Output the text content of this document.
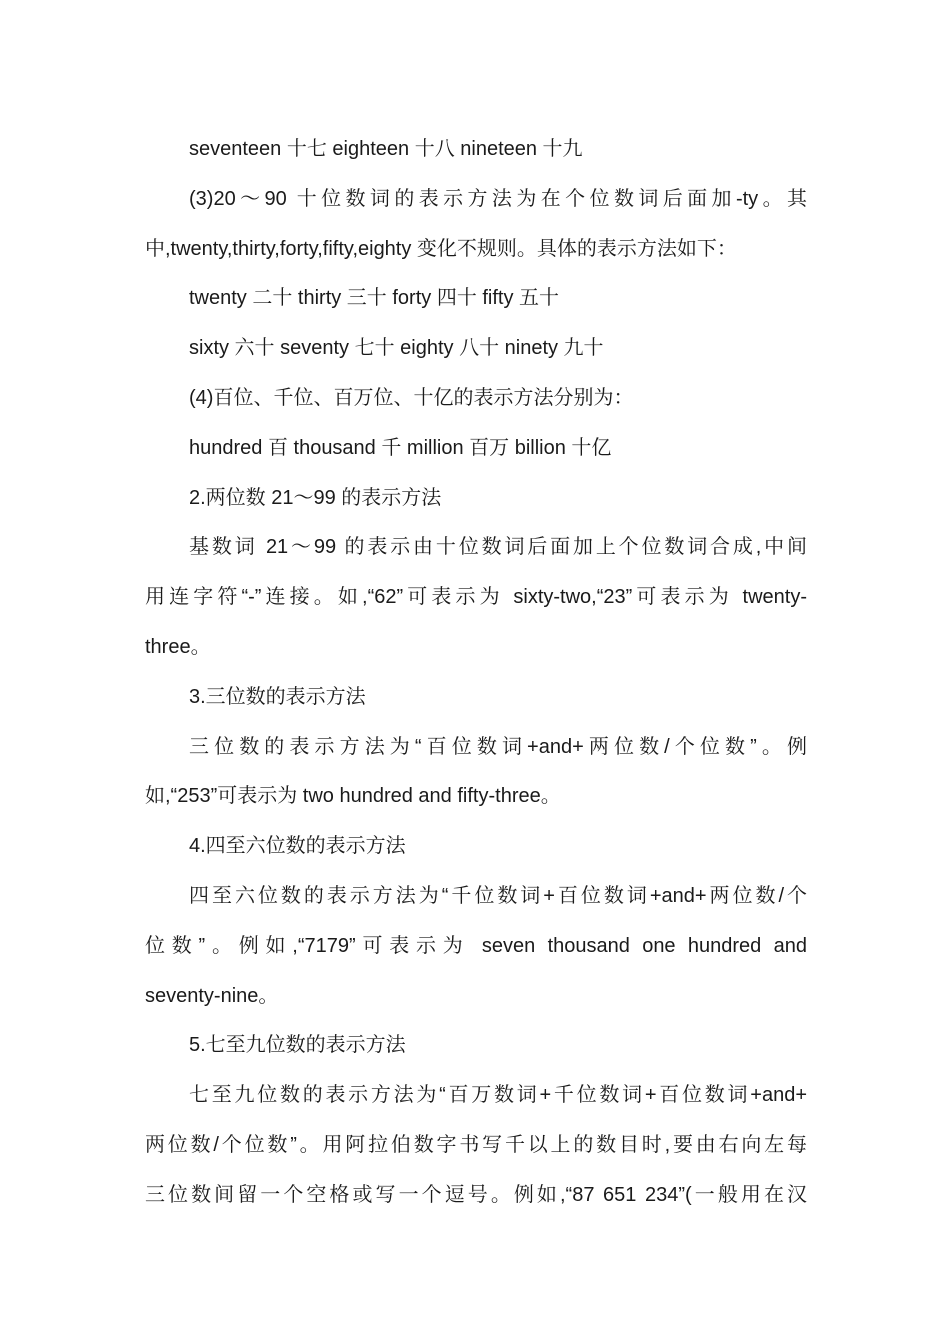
seventeen 十七 eighteen 十八 nineteen 十九
(3)20～90 十位数词的表示方法为在个位数词后面加-ty。其
中,twenty,thirty,forty,fifty,eighty 变化不规则。具体的表示方法如下：
twenty 二十 thirty 三十 forty 四十 fifty 五十
sixty 六十 seventy 七十 eighty 八十 ninety 九十
(4)百位、千位、百万位、十亿的表示方法分别为：
hundred 百 thousand 千 million 百万 billion 十亿
2.两位数 21～99 的表示方法
基数词 21～99 的表示由十位数词后面加上个位数词合成,中间
用连字符“-”连接。如,“62”可表示为 sixty-two,“23”可表示为 twenty-
three。
3.三位数的表示方法
三位数的表示方法为“百位数词+and+两位数/个位数”。例
如,“253”可表示为 two hundred and fifty-three。
4.四至六位数的表示方法
四至六位数的表示方法为“千位数词+百位数词+and+两位数/个
位数”。例如,“7179”可表示为 seven thousand one hundred and
seventy-nine。
5.七至九位数的表示方法
七至九位数的表示方法为“百万数词+千位数词+百位数词+and+
两位数/个位数”。用阿拉伯数字书写千以上的数目时,要由右向左每
三位数间留一个空格或写一个逗号。例如,“87 651 234”(一般用在汉
